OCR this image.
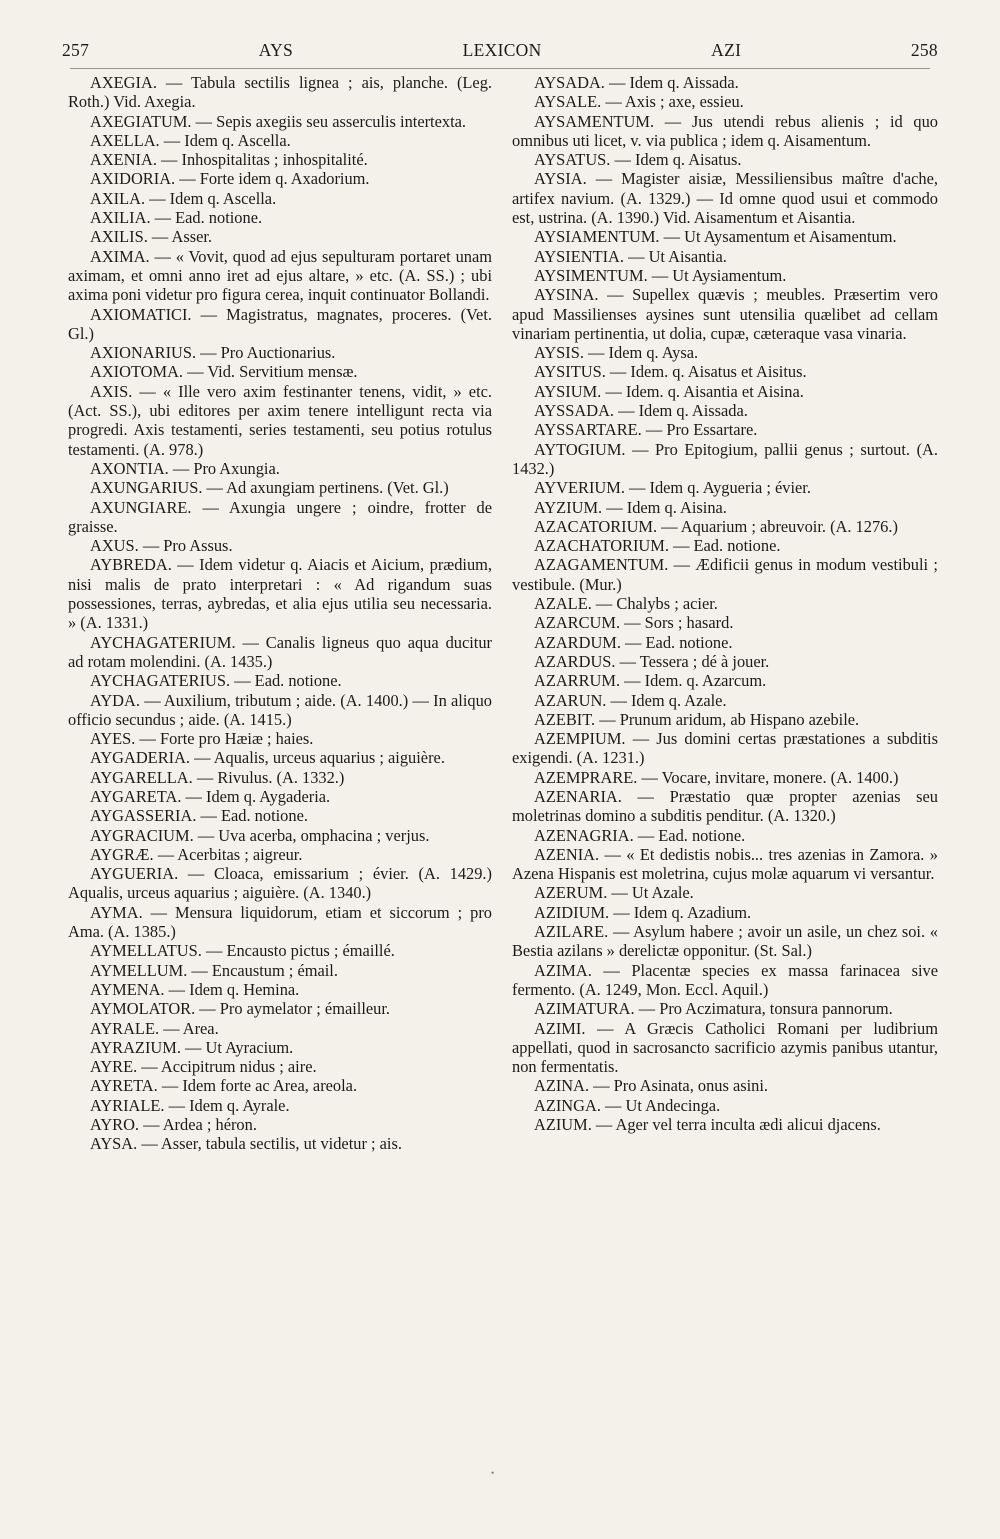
257	AYS	LEXICON	AZI	258

AXEGIA. — Tabula sectilis lignea ; ais, planche. (Leg. Roth.) Vid. Axegia.

AXEGIATUM. — Sepis axegiis seu asserculis intertexta.

AXELLA. — Idem q. Ascella.

AXENIA. — Inhospitalitas ; inhospitalité.

AXIDORIA. — Forte idem q. Axadorium.

AXILA. — Idem q. Ascella.

AXILIA. — Ead. notione.

AXILIS. — Asser.

AXIMA. — « Vovit, quod ad ejus sepulturam portaret unam aximam, et omni anno iret ad ejus altare, » etc. (A. SS.) ; ubi axima poni videtur pro figura cerea, inquit continuator Bollandi.

AXIOMATICI. — Magistratus, magnates, proceres. (Vet. Gl.)

AXIONARIUS. — Pro Auctionarius.

AXIOTOMA. — Vid. Servitium mensæ.

AXIS. — « Ille vero axim festinanter tenens, vidit, » etc. (Act. SS.), ubi editores per axim tenere intelligunt recta via progredi. Axis testamenti, series testamenti, seu potius rotulus testamenti. (A. 978.)

AXONTIA. — Pro Axungia.

AXUNGARIUS. — Ad axungiam pertinens. (Vet. Gl.)

AXUNGIARE. — Axungia ungere ; oindre, frotter de graisse.

AXUS. — Pro Assus.

AYBREDA. — Idem videtur q. Aiacis et Aicium, prædium, nisi malis de prato interpretari : « Ad rigandum suas possessiones, terras, aybredas, et alia ejus utilia seu necessaria. » (A. 1331.)

AYCHAGATERIUM. — Canalis ligneus quo aqua ducitur ad rotam molendini. (A. 1435.)

AYCHAGATERIUS. — Ead. notione.

AYDA. — Auxilium, tributum ; aide. (A. 1400.) — In aliquo officio secundus ; aide. (A. 1415.)

AYES. — Forte pro Hæiæ ; haies.

AYGADERIA. — Aqualis, urceus aquarius ; aiguière.

AYGARELLA. — Rivulus. (A. 1332.)

AYGARETA. — Idem q. Aygaderia.

AYGASSERIA. — Ead. notione.

AYGRACIUM. — Uva acerba, omphacina ; verjus.

AYGRÆ. — Acerbitas ; aigreur.

AYGUERIA. — Cloaca, emissarium ; évier. (A. 1429.) Aqualis, urceus aquarius ; aiguière. (A. 1340.)

AYMA. — Mensura liquidorum, etiam et siccorum ; pro Ama. (A. 1385.)

AYMELLATUS. — Encausto pictus ; émaillé.

AYMELLUM. — Encaustum ; émail.

AYMENA. — Idem q. Hemina.

AYMOLATOR. — Pro aymelator ; émailleur.

AYRALE. — Area.

AYRAZIUM. — Ut Ayracium.

AYRE. — Accipitrum nidus ; aire.

AYRETA. — Idem forte ac Area, areola.

AYRIALE. — Idem q. Ayrale.

AYRO. — Ardea ; héron.

AYSA. — Asser, tabula sectilis, ut videtur ; ais.

AYSADA. — Idem q. Aissada.

AYSALE. — Axis ; axe, essieu.

AYSAMENTUM. — Jus utendi rebus alienis ; id quo omnibus uti licet, v. via publica ; idem q. Aisamentum.

AYSATUS. — Idem q. Aisatus.

AYSIA. — Magister aisiæ, Messiliensibus maître d'ache, artifex navium. (A. 1329.) — Id omne quod usui et commodo est, ustrina. (A. 1390.) Vid. Aisamentum et Aisantia.

AYSIAMENTUM. — Ut Aysamentum et Aisamentum.

AYSIENTIA. — Ut Aisantia.

AYSIMENTUM. — Ut Aysiamentum.

AYSINA. — Supellex quævis ; meubles. Præsertim vero apud Massilienses aysines sunt utensilia quælibet ad cellam vinariam pertinentia, ut dolia, cupæ, cæteraque vasa vinaria.

AYSIS. — Idem q. Aysa.

AYSITUS. — Idem. q. Aisatus et Aisitus.

AYSIUM. — Idem. q. Aisantia et Aisina.

AYSSADA. — Idem q. Aissada.

AYSSARTARE. — Pro Essartare.

AYTOGIUM. — Pro Epitogium, pallii genus ; surtout. (A. 1432.)

AYVERIUM. — Idem q. Aygueria ; évier.

AYZIUM. — Idem q. Aisina.

AZACATORIUM. — Aquarium ; abreuvoir. (A. 1276.)

AZACHATORIUM. — Ead. notione.

AZAGAMENTUM. — Ædificii genus in modum vestibuli ; vestibule. (Mur.)

AZALE. — Chalybs ; acier.

AZARCUM. — Sors ; hasard.

AZARDUM. — Ead. notione.

AZARDUS. — Tessera ; dé à jouer.

AZARRUM. — Idem. q. Azarcum.

AZARUN. — Idem q. Azale.

AZEBIT. — Prunum aridum, ab Hispano azebile.

AZEMPIUM. — Jus domini certas præstationes a subditis exigendi. (A. 1231.)

AZEMPRARE. — Vocare, invitare, monere. (A. 1400.)

AZENARIA. — Præstatio quæ propter azenias seu moletrinas domino a subditis penditur. (A. 1320.)

AZENAGRIA. — Ead. notione.

AZENIA. — « Et dedistis nobis... tres azenias in Zamora. » Azena Hispanis est moletrina, cujus molæ aquarum vi versantur.

AZERUM. — Ut Azale.

AZIDIUM. — Idem q. Azadium.

AZILARE. — Asylum habere ; avoir un asile, un chez soi. « Bestia azilans » derelictæ opponitur. (St. Sal.)

AZIMA. — Placentæ species ex massa farinacea sive fermento. (A. 1249, Mon. Eccl. Aquil.)

AZIMATURA. — Pro Aczimatura, tonsura pannorum.

AZIMI. — A Græcis Catholici Romani per ludibrium appellati, quod in sacrosancto sacrificio azymis panibus utantur, non fermentatis.

AZINA. — Pro Asinata, onus asini.

AZINGA. — Ut Andecinga.

AZIUM. — Ager vel terra inculta ædi alicui djacens.

•
